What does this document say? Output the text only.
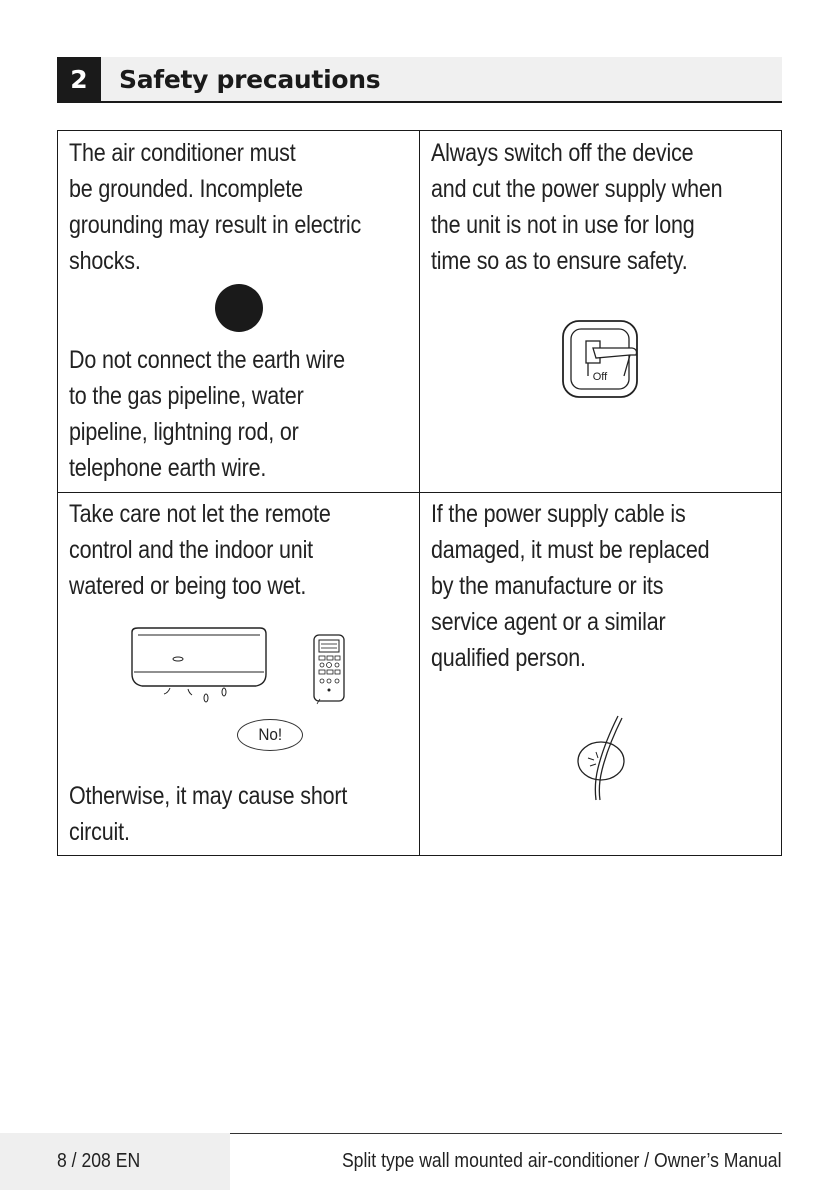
2	Safety precautions
The air conditioner must
be grounded. Incomplete
grounding may result in electric
shocks.
Do not connect the earth wire
to the gas pipeline, water
pipeline, lightning rod, or
telephone earth wire.
Always switch off the device
and cut the power supply when
the unit is not in use for long
time so as to ensure safety.
Off
Take care not let the remote
control and the indoor unit
watered or being too wet.
No!
Otherwise, it may cause short
circuit.
If the power supply cable is
damaged, it must be replaced
by the manufacture or its
service agent or a similar
qualified person.
8 / 208 EN	Split type wall mounted air-conditioner / Owner’s Manual
